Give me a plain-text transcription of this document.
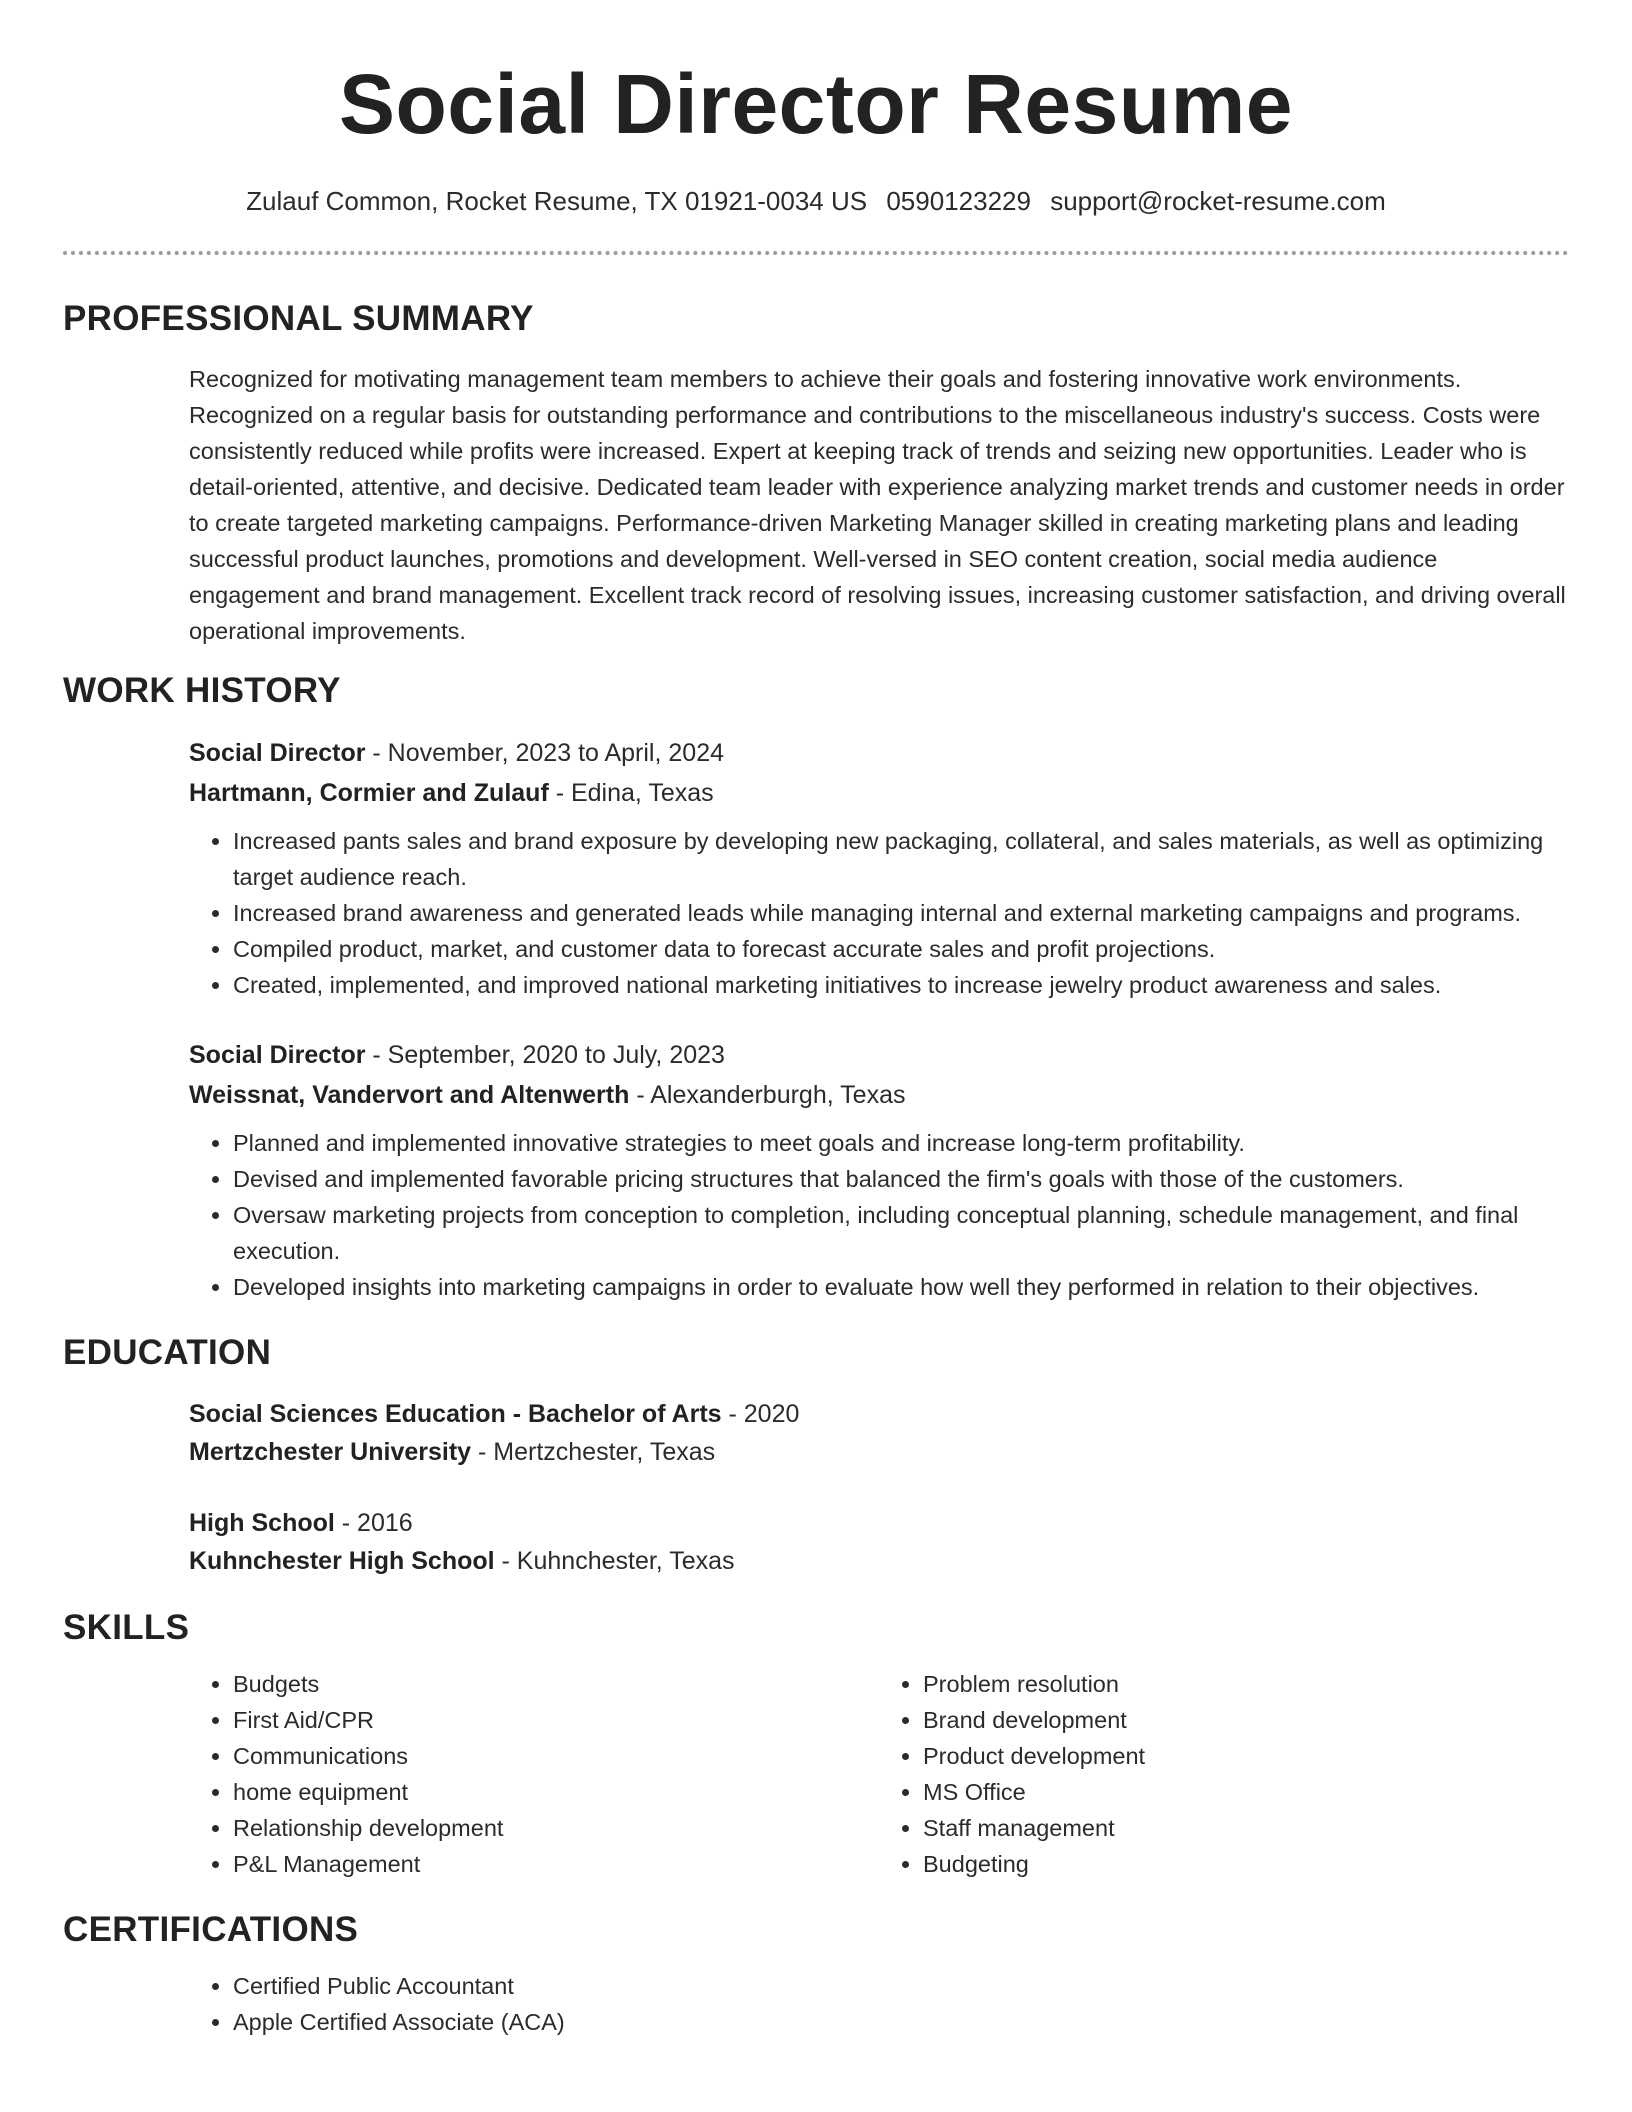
Social Director Resume
Zulauf Common, Rocket Resume, TX 01921-0034 US 0590123229 support@rocket-resume.com
PROFESSIONAL SUMMARY

Recognized for motivating management team members to achieve their goals and fostering innovative work environments. Recognized on a regular basis for outstanding performance and contributions to the miscellaneous industry's success. Costs were consistently reduced while profits were increased. Expert at keeping track of trends and seizing new opportunities. Leader who is detail-oriented, attentive, and decisive. Dedicated team leader with experience analyzing market trends and customer needs in order to create targeted marketing campaigns. Performance-driven Marketing Manager skilled in creating marketing plans and leading successful product launches, promotions and development. Well-versed in SEO content creation, social media audience engagement and brand management. Excellent track record of resolving issues, increasing customer satisfaction, and driving overall operational improvements.

WORK HISTORY
Social Director - November, 2023 to April, 2024
Hartmann, Cormier and Zulauf - Edina, Texas
• Increased pants sales and brand exposure by developing new packaging, collateral, and sales materials, as well as optimizing target audience reach.
• Increased brand awareness and generated leads while managing internal and external marketing campaigns and programs.
• Compiled product, market, and customer data to forecast accurate sales and profit projections.
• Created, implemented, and improved national marketing initiatives to increase jewelry product awareness and sales.
Social Director - September, 2020 to July, 2023
Weissnat, Vandervort and Altenwerth - Alexanderburgh, Texas
• Planned and implemented innovative strategies to meet goals and increase long-term profitability.
• Devised and implemented favorable pricing structures that balanced the firm's goals with those of the customers.
• Oversaw marketing projects from conception to completion, including conceptual planning, schedule management, and final execution.
• Developed insights into marketing campaigns in order to evaluate how well they performed in relation to their objectives.
EDUCATION
Social Sciences Education - Bachelor of Arts - 2020
Mertzchester University - Mertzchester, Texas
High School - 2016
Kuhnchester High School - Kuhnchester, Texas
SKILLS
• Budgets
• First Aid/CPR
• Communications
• home equipment
• Relationship development
• P&L Management
• Problem resolution
• Brand development
• Product development
• MS Office
• Staff management
• Budgeting
CERTIFICATIONS
• Certified Public Accountant
• Apple Certified Associate (ACA)
